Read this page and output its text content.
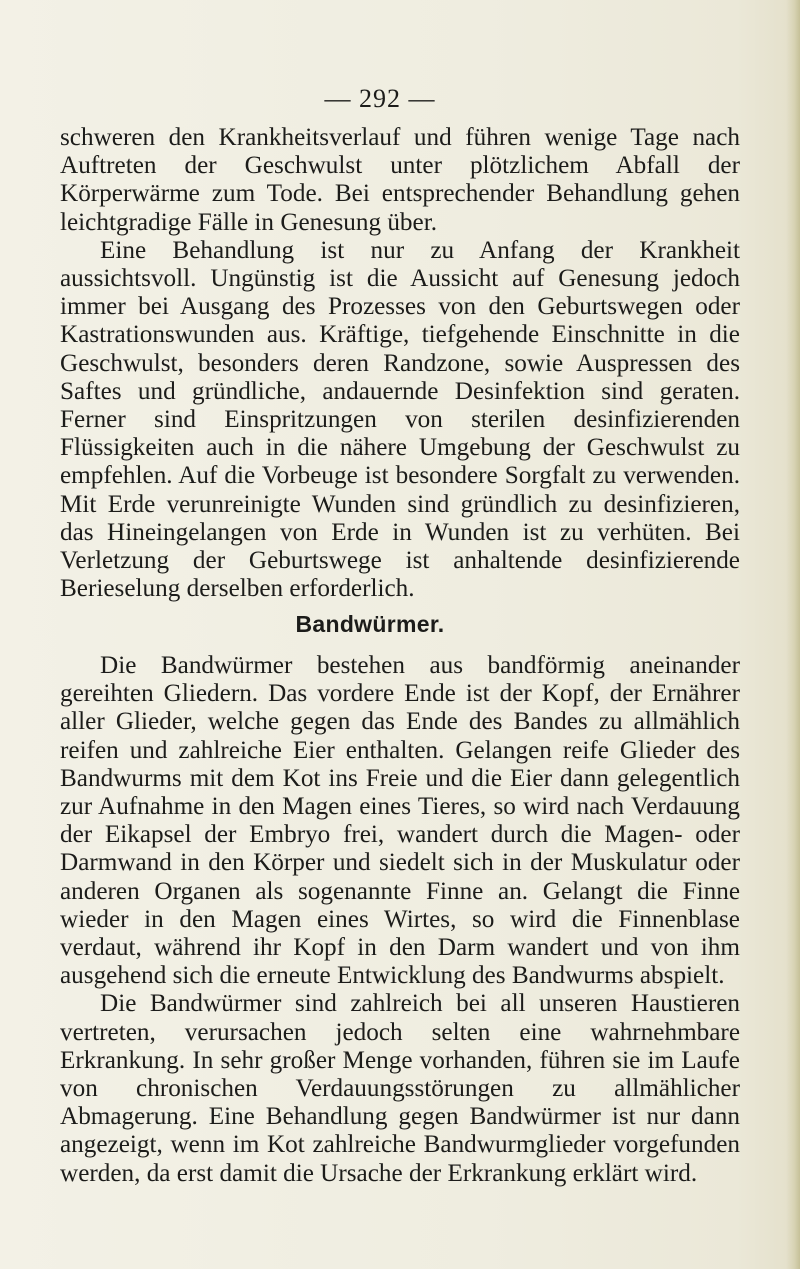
— 292 —

schweren den Krankheitsverlauf und führen wenige Tage nach Auftreten der Geschwulst unter plötzlichem Abfall der Körperwärme zum Tode. Bei entsprechender Behandlung gehen leichtgradige Fälle in Genesung über.

Eine Behandlung ist nur zu Anfang der Krankheit aussichtsvoll. Ungünstig ist die Aussicht auf Genesung jedoch immer bei Ausgang des Prozesses von den Geburtswegen oder Kastrationswunden aus. Kräftige, tiefgehende Einschnitte in die Geschwulst, besonders deren Randzone, sowie Auspressen des Saftes und gründliche, andauernde Desinfektion sind geraten. Ferner sind Einspritzungen von sterilen desinfizierenden Flüssigkeiten auch in die nähere Umgebung der Geschwulst zu empfehlen. Auf die Vorbeuge ist besondere Sorgfalt zu verwenden. Mit Erde verunreinigte Wunden sind gründlich zu desinfizieren, das Hineingelangen von Erde in Wunden ist zu verhüten. Bei Verletzung der Geburtswege ist anhaltende desinfizierende Berieselung derselben erforderlich.

Bandwürmer.

Die Bandwürmer bestehen aus bandförmig aneinander gereihten Gliedern. Das vordere Ende ist der Kopf, der Ernährer aller Glieder, welche gegen das Ende des Bandes zu allmählich reifen und zahlreiche Eier enthalten. Gelangen reife Glieder des Bandwurms mit dem Kot ins Freie und die Eier dann gelegentlich zur Aufnahme in den Magen eines Tieres, so wird nach Verdauung der Eikapsel der Embryo frei, wandert durch die Magen- oder Darmwand in den Körper und siedelt sich in der Muskulatur oder anderen Organen als sogenannte Finne an. Gelangt die Finne wieder in den Magen eines Wirtes, so wird die Finnenblase verdaut, während ihr Kopf in den Darm wandert und von ihm ausgehend sich die erneute Entwicklung des Bandwurms abspielt.

Die Bandwürmer sind zahlreich bei all unseren Haustieren vertreten, verursachen jedoch selten eine wahrnehmbare Erkrankung. In sehr großer Menge vorhanden, führen sie im Laufe von chronischen Verdauungsstörungen zu allmählicher Abmagerung. Eine Behandlung gegen Bandwürmer ist nur dann angezeigt, wenn im Kot zahlreiche Bandwurmglieder vorgefunden werden, da erst damit die Ursache der Erkrankung erklärt wird.
